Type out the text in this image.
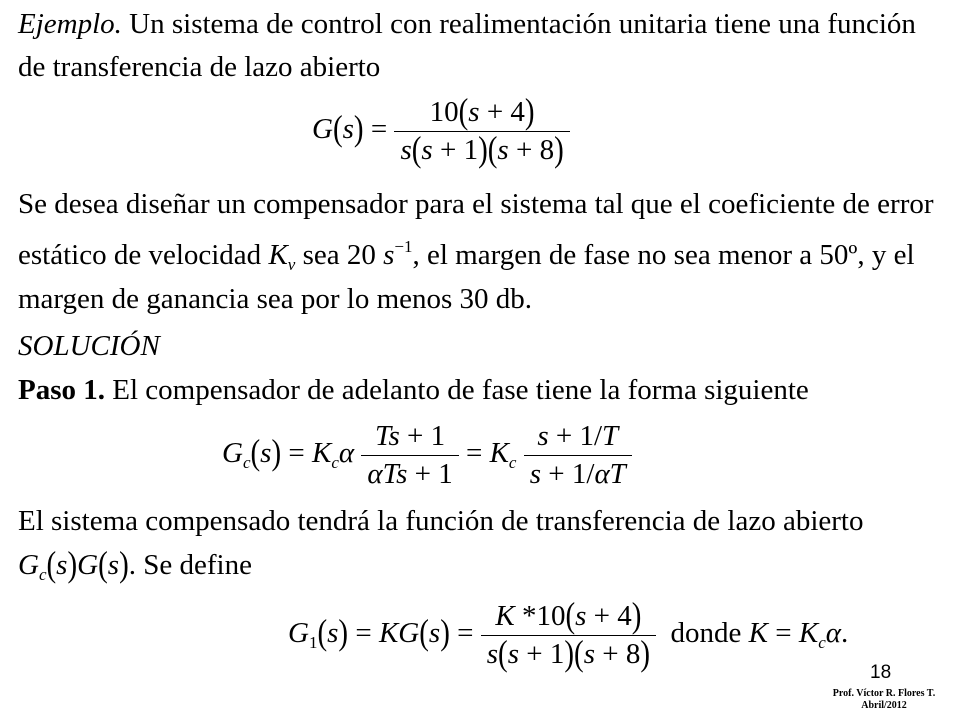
Ejemplo. Un sistema de control con realimentación unitaria tiene una función
de transferencia de lazo abierto
$G(s) = \frac{10(s + 4)}{s(s + 1)(s + 8)}$
Se desea diseñar un compensador para el sistema tal que el coeficiente de error
estático de velocidad $K_v$ sea 20 $s^{-1}$, el margen de fase no sea menor a 50º, y el
margen de ganancia sea por lo menos 30 db.
SOLUCIÓN
Paso 1. El compensador de adelanto de fase tiene la forma siguiente
$G_c(s) = K_c\alpha \frac{Ts + 1}{\text{αTs + 1}} = K_c \frac{s + 1/T}{s + 1/\alpha T}$
El sistema compensado tendrá la función de transferencia de lazo abierto
$G_c(s)G(s)$. Se define
$G_1(s) = KG(s) = \frac{K *10(s + 4)}{s(s + 1)(s + 8)}$ donde $K = K_c\alpha$.
18
Prof. Víctor R. Flores T.
Abril/2012
